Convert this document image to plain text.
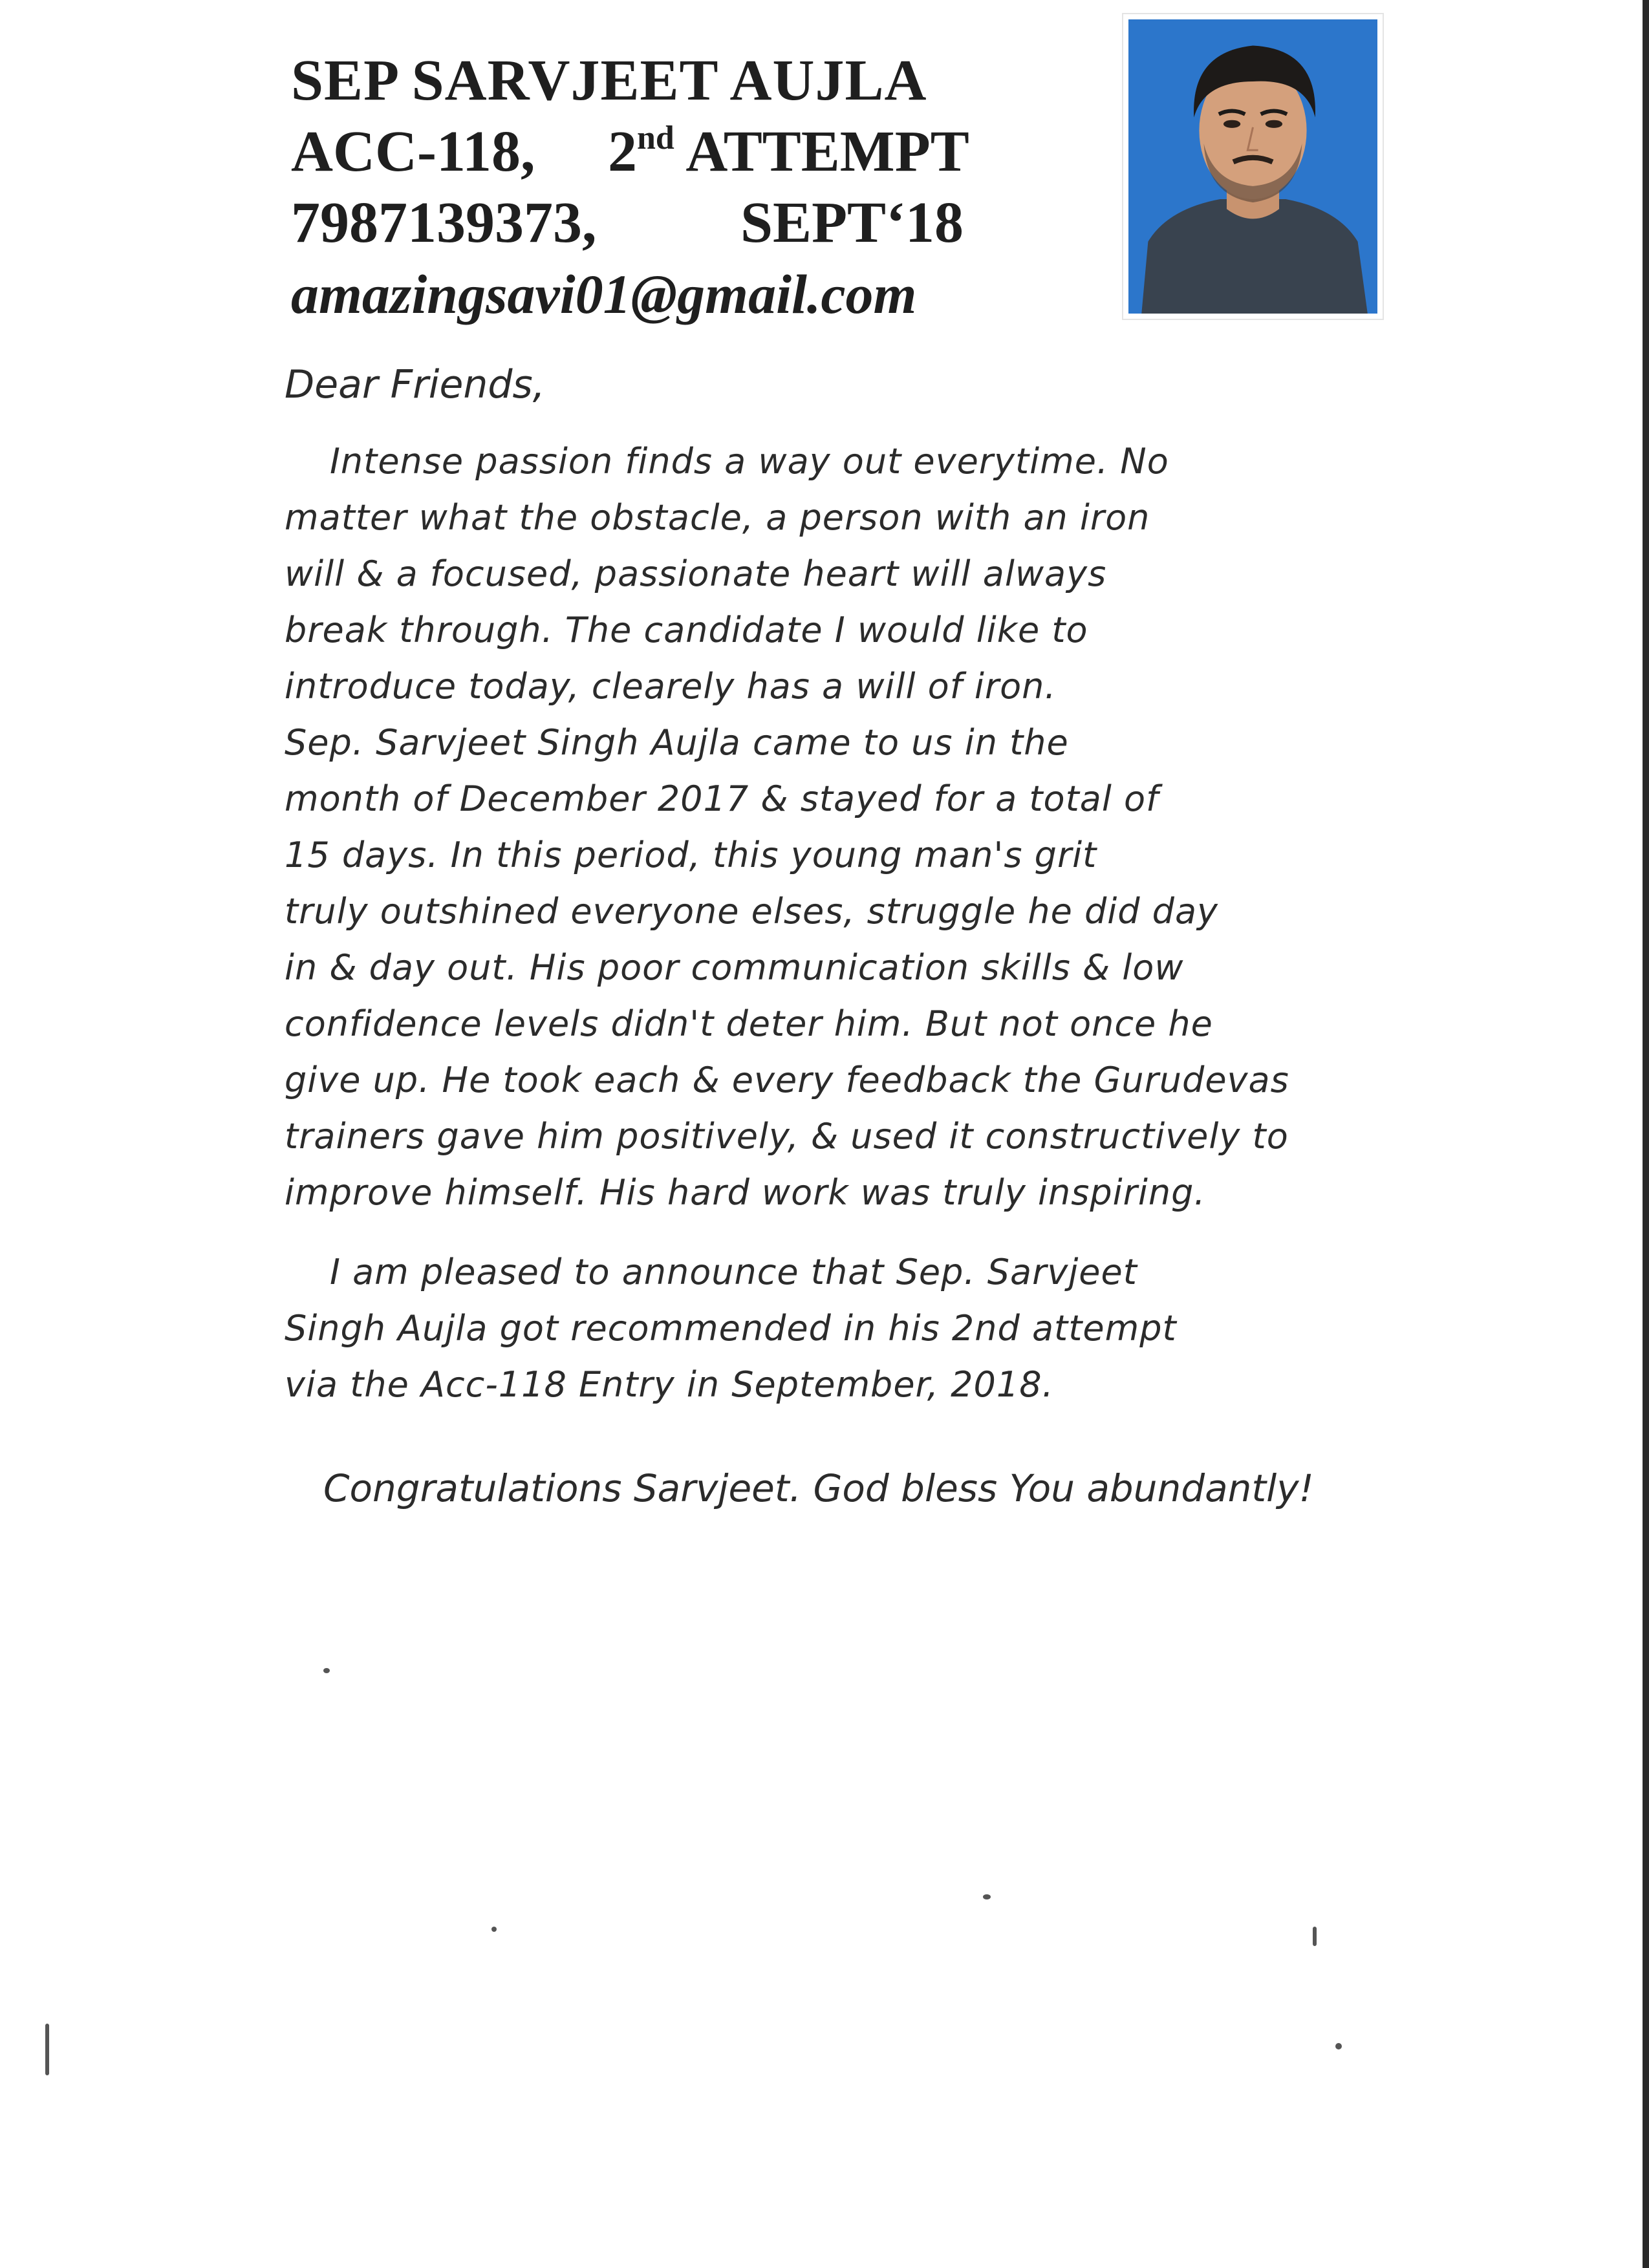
SEP SARVJEET AUJLA
ACC-118, 2nd ATTEMPT
7987139373, SEPT‘18
amazingsavi01@gmail.com
Dear Friends,
Intense passion finds a way out everytime. No
matter what the obstacle, a person with an iron
will & a focused, passionate heart will always
break through. The candidate I would like to
introduce today, clearely has a will of iron.
Sep. Sarvjeet Singh Aujla came to us in the
month of December 2017 & stayed for a total of
15 days. In this period, this young man's grit
truly outshined everyone elses, struggle he did day
in & day out. His poor communication skills & low
confidence levels didn't deter him. But not once he
give up. He took each & every feedback the Gurudevas
trainers gave him positively, & used it constructively to
improve himself. His hard work was truly inspiring.
I am pleased to announce that Sep. Sarvjeet
Singh Aujla got recommended in his 2nd attempt
via the Acc-118 Entry in September, 2018.
Congratulations Sarvjeet. God bless You abundantly!
